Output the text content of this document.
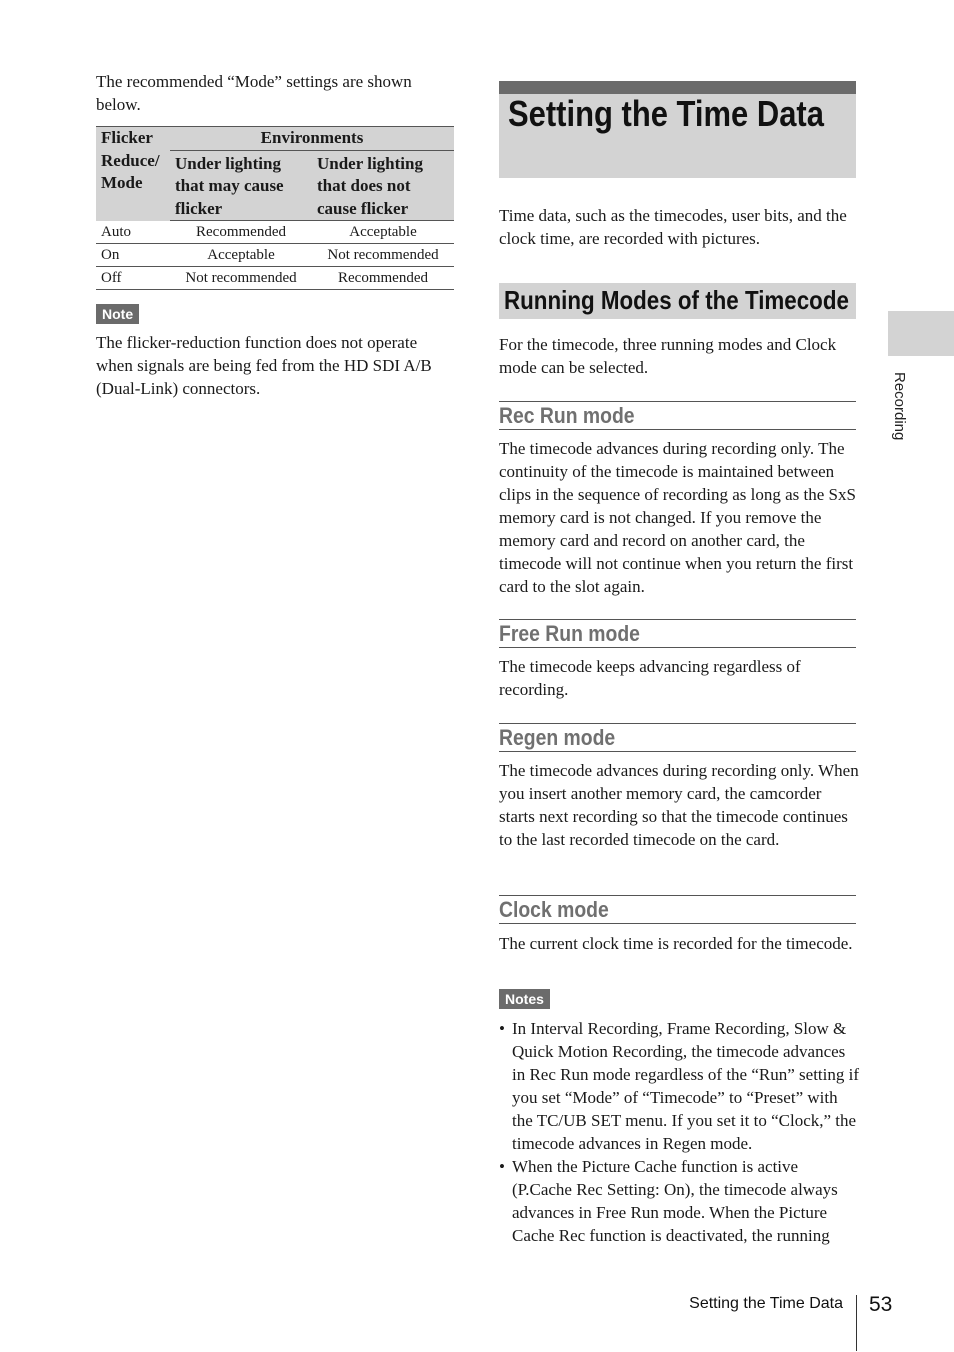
The recommended “Mode” settings are shown below.
Flicker Reduce/ Mode	Environments	
	Under lighting that may cause flicker	Under lighting that does not cause flicker
Auto	Recommended	Acceptable
On	Acceptable	Not recommended
Off	Not recommended	Recommended
Note
The flicker-reduction function does not operate when signals are being fed from the HD SDI A/B (Dual-Link) connectors.
Setting the Time Data
Time data, such as the timecodes, user bits, and the clock time, are recorded with pictures.
Running Modes of the Timecode
For the timecode, three running modes and Clock mode can be selected.
Rec Run mode
The timecode advances during recording only. The continuity of the timecode is maintained between clips in the sequence of recording as long as the SxS memory card is not changed. If you remove the memory card and record on another card, the timecode will not continue when you return the first card to the slot again.
Free Run mode
The timecode keeps advancing regardless of recording.
Regen mode
The timecode advances during recording only. When you insert another memory card, the camcorder starts next recording so that the timecode continues to the last recorded timecode on the card.
Clock mode
The current clock time is recorded for the timecode.
Notes
• In Interval Recording, Frame Recording, Slow & Quick Motion Recording, the timecode advances in Rec Run mode regardless of the “Run” setting if you set “Mode” of “Timecode” to “Preset” with the TC/UB SET menu. If you set it to “Clock,” the timecode advances in Regen mode.
• When the Picture Cache function is active (P.Cache Rec Setting: On), the timecode always advances in Free Run mode. When the Picture Cache Rec function is deactivated, the running
Recording
Setting the Time Data 53
